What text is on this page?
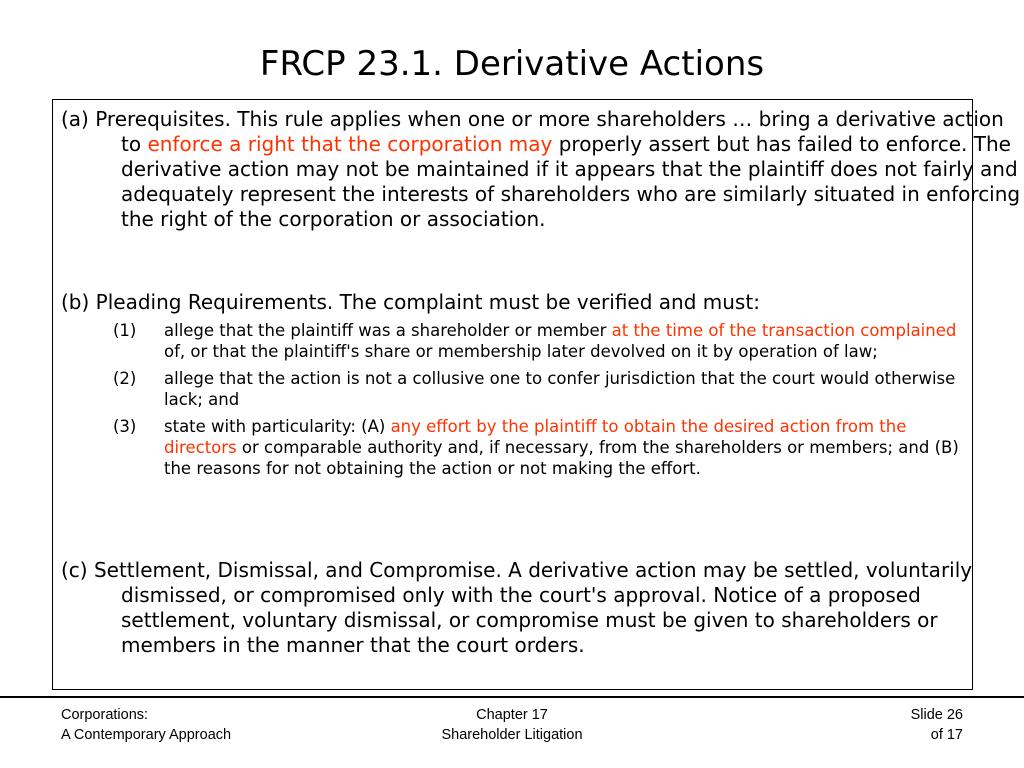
FRCP 23.1. Derivative Actions
(a) Prerequisites. This rule applies when one or more shareholders … bring a derivative action to enforce a right that the corporation may properly assert but has failed to enforce. The derivative action may not be maintained if it appears that the plaintiff does not fairly and adequately represent the interests of shareholders who are similarly situated in enforcing the right of the corporation or association.
(b) Pleading Requirements. The complaint must be verified and must:
(1) allege that the plaintiff was a shareholder or member at the time of the transaction complained of, or that the plaintiff's share or membership later devolved on it by operation of law;
(2) allege that the action is not a collusive one to confer jurisdiction that the court would otherwise lack; and
(3) state with particularity: (A) any effort by the plaintiff to obtain the desired action from the directors or comparable authority and, if necessary, from the shareholders or members; and (B) the reasons for not obtaining the action or not making the effort.
(c) Settlement, Dismissal, and Compromise. A derivative action may be settled, voluntarily dismissed, or compromised only with the court's approval. Notice of a proposed settlement, voluntary dismissal, or compromise must be given to shareholders or members in the manner that the court orders.
Corporations:
A Contemporary Approach
Chapter 17
Shareholder Litigation
Slide 26
of 17
